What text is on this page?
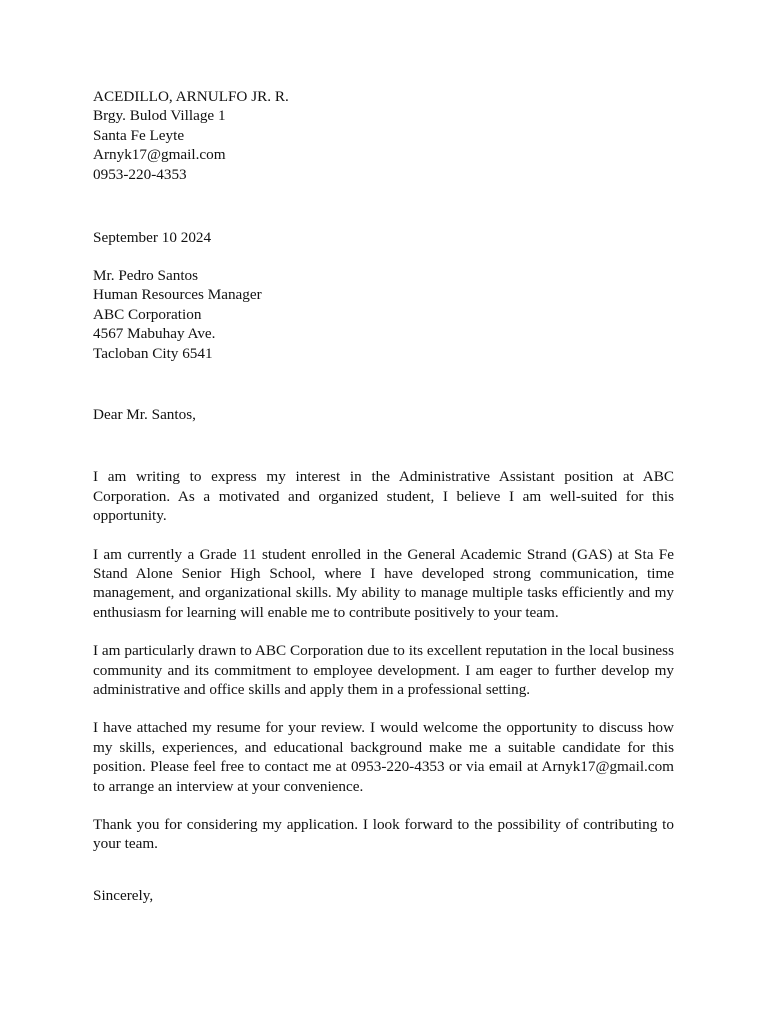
ACEDILLO, ARNULFO JR. R.
Brgy. Bulod Village 1
Santa Fe Leyte
Arnyk17@gmail.com
0953-220-4353
September 10 2024
Mr. Pedro Santos
Human Resources Manager
ABC Corporation
4567 Mabuhay Ave.
Tacloban City 6541
Dear Mr. Santos,

I am writing to express my interest in the Administrative Assistant position at ABC Corporation. As a motivated and organized student, I believe I am well-suited for this opportunity.

I am currently a Grade 11 student enrolled in the General Academic Strand (GAS) at Sta Fe Stand Alone Senior High School, where I have developed strong communication, time management, and organizational skills. My ability to manage multiple tasks efficiently and my enthusiasm for learning will enable me to contribute positively to your team.

I am particularly drawn to ABC Corporation due to its excellent reputation in the local business community and its commitment to employee development. I am eager to further develop my administrative and office skills and apply them in a professional setting.

I have attached my resume for your review. I would welcome the opportunity to discuss how my skills, experiences, and educational background make me a suitable candidate for this position. Please feel free to contact me at 0953-220-4353 or via email at Arnyk17@gmail.com to arrange an interview at your convenience.

Thank you for considering my application. I look forward to the possibility of contributing to your team.

Sincerely,
